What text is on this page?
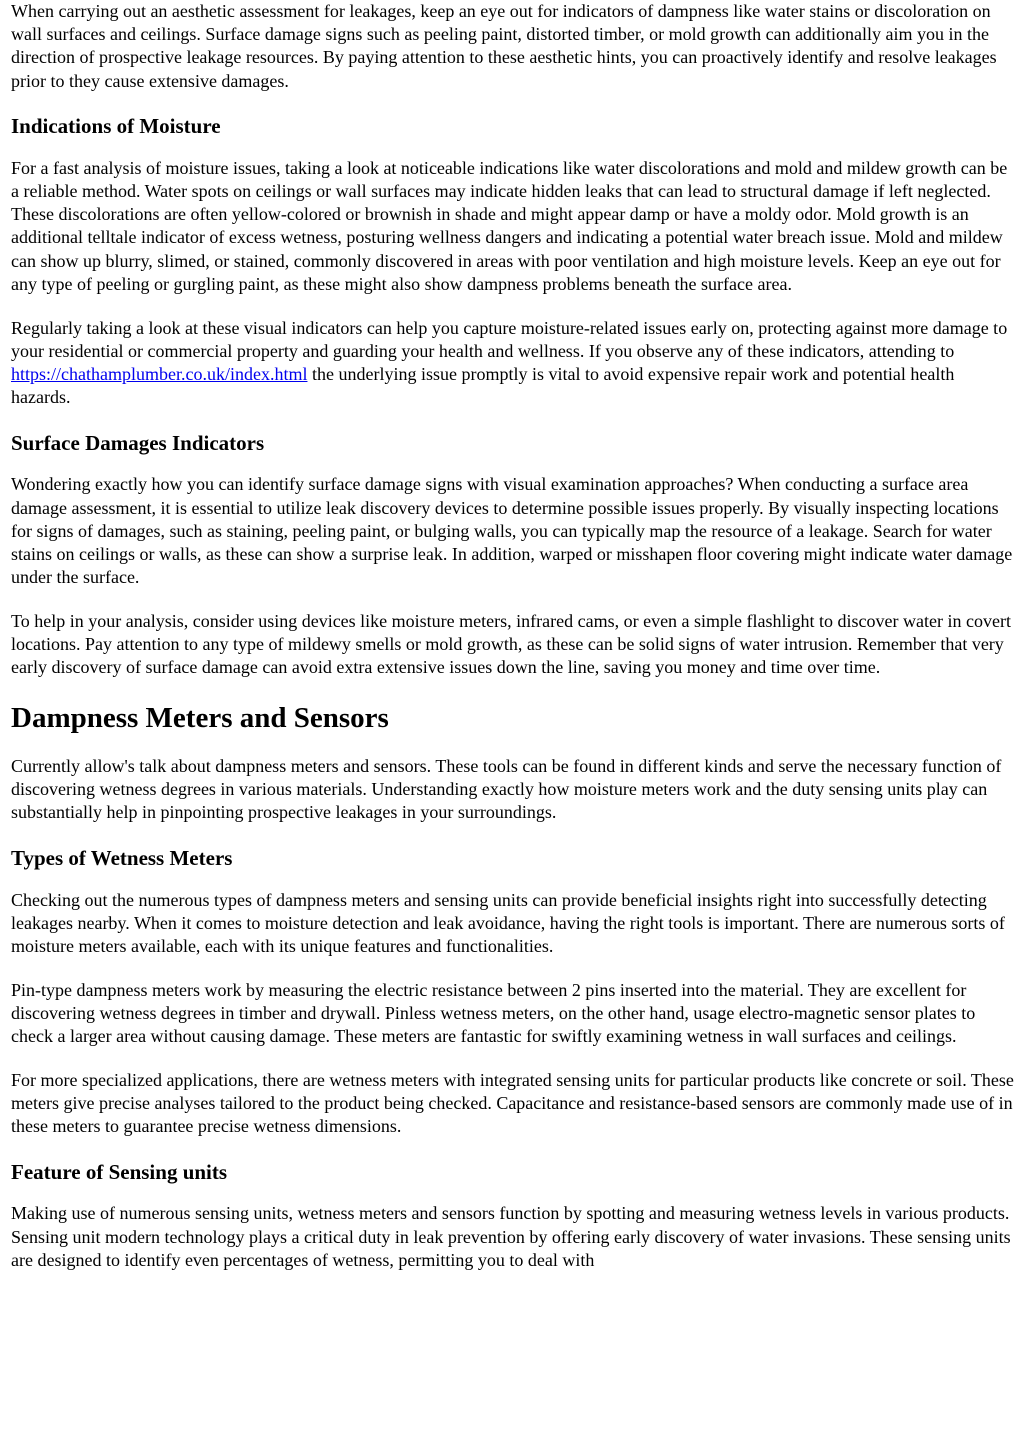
When carrying out an aesthetic assessment for leakages, keep an eye out for indicators of dampness like water stains or discoloration on wall surfaces and ceilings. Surface damage signs such as peeling paint, distorted timber, or mold growth can additionally aim you in the direction of prospective leakage resources. By paying attention to these aesthetic hints, you can proactively identify and resolve leakages prior to they cause extensive damages.

Indications of Moisture

For a fast analysis of moisture issues, taking a look at noticeable indications like water discolorations and mold and mildew growth can be a reliable method. Water spots on ceilings or wall surfaces may indicate hidden leaks that can lead to structural damage if left neglected. These discolorations are often yellow-colored or brownish in shade and might appear damp or have a moldy odor. Mold growth is an additional telltale indicator of excess wetness, posturing wellness dangers and indicating a potential water breach issue. Mold and mildew can show up blurry, slimed, or stained, commonly discovered in areas with poor ventilation and high moisture levels. Keep an eye out for any type of peeling or gurgling paint, as these might also show dampness problems beneath the surface area.

Regularly taking a look at these visual indicators can help you capture moisture-related issues early on, protecting against more damage to your residential or commercial property and guarding your health and wellness. If you observe any of these indicators, attending to https://chathamplumber.co.uk/index.html the underlying issue promptly is vital to avoid expensive repair work and potential health hazards.

Surface Damages Indicators

Wondering exactly how you can identify surface damage signs with visual examination approaches? When conducting a surface area damage assessment, it is essential to utilize leak discovery devices to determine possible issues properly. By visually inspecting locations for signs of damages, such as staining, peeling paint, or bulging walls, you can typically map the resource of a leakage. Search for water stains on ceilings or walls, as these can show a surprise leak. In addition, warped or misshapen floor covering might indicate water damage under the surface.

To help in your analysis, consider using devices like moisture meters, infrared cams, or even a simple flashlight to discover water in covert locations. Pay attention to any type of mildewy smells or mold growth, as these can be solid signs of water intrusion. Remember that very early discovery of surface damage can avoid extra extensive issues down the line, saving you money and time over time.

Dampness Meters and Sensors

Currently allow's talk about dampness meters and sensors. These tools can be found in different kinds and serve the necessary function of discovering wetness degrees in various materials. Understanding exactly how moisture meters work and the duty sensing units play can substantially help in pinpointing prospective leakages in your surroundings.

Types of Wetness Meters

Checking out the numerous types of dampness meters and sensing units can provide beneficial insights right into successfully detecting leakages nearby. When it comes to moisture detection and leak avoidance, having the right tools is important. There are numerous sorts of moisture meters available, each with its unique features and functionalities.

Pin-type dampness meters work by measuring the electric resistance between 2 pins inserted into the material. They are excellent for discovering wetness degrees in timber and drywall. Pinless wetness meters, on the other hand, usage electro-magnetic sensor plates to check a larger area without causing damage. These meters are fantastic for swiftly examining wetness in wall surfaces and ceilings.

For more specialized applications, there are wetness meters with integrated sensing units for particular products like concrete or soil. These meters give precise analyses tailored to the product being checked. Capacitance and resistance-based sensors are commonly made use of in these meters to guarantee precise wetness dimensions.

Feature of Sensing units

Making use of numerous sensing units, wetness meters and sensors function by spotting and measuring wetness levels in various products. Sensing unit modern technology plays a critical duty in leak prevention by offering early discovery of water invasions. These sensing units are designed to identify even percentages of wetness, permitting you to deal with
